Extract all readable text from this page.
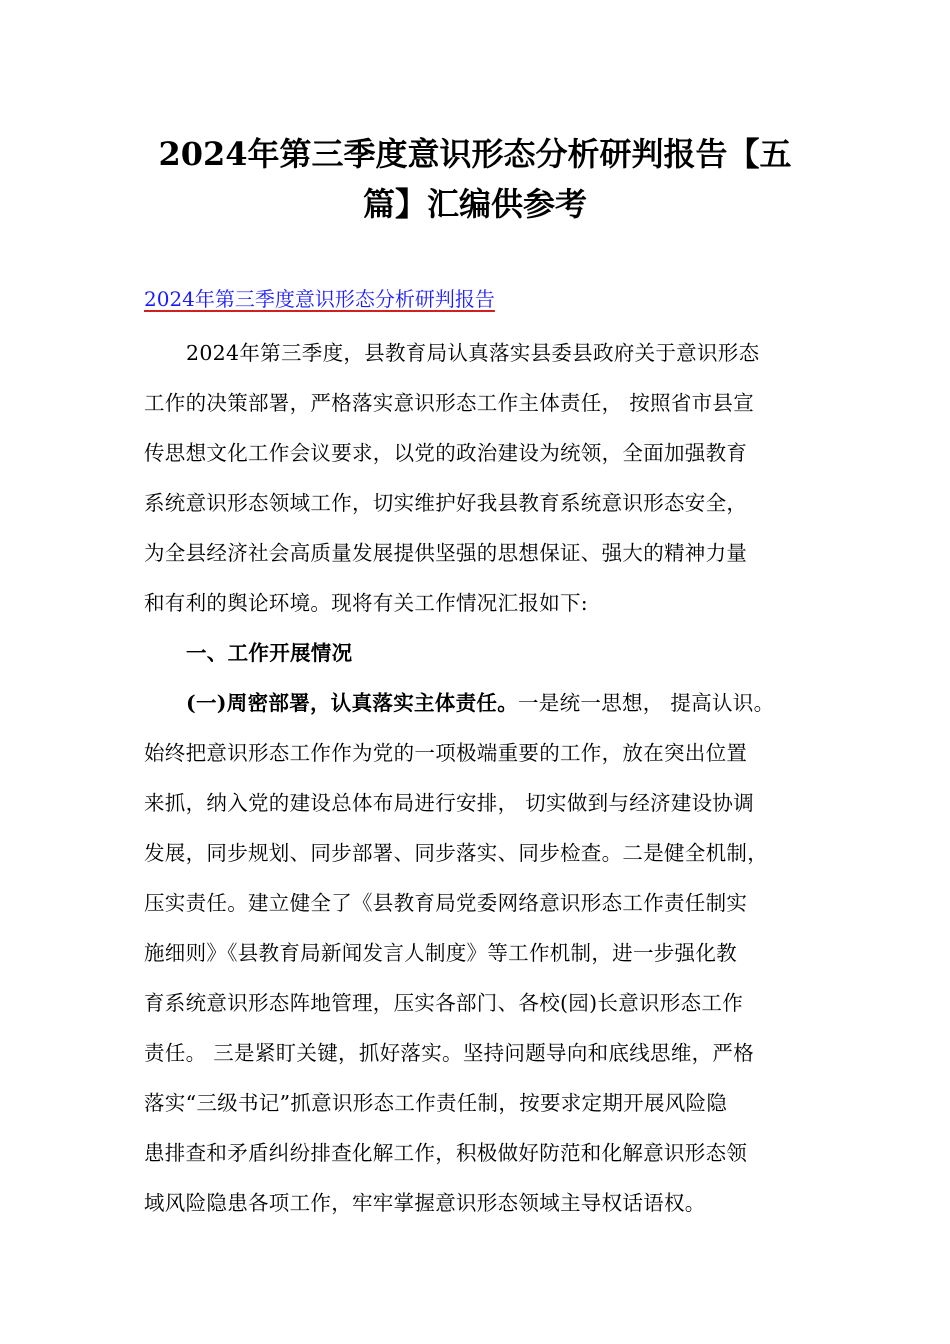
2024年第三季度意识形态分析研判报告【五
篇】汇编供参考
2024年第三季度意识形态分析研判报告
2024年第三季度，县教育局认真落实县委县政府关于意识形态
工作的决策部署，严格落实意识形态工作主体责任， 按照省市县宣
传思想文化工作会议要求，以党的政治建设为统领，全面加强教育
系统意识形态领域工作，切实维护好我县教育系统意识形态安全，
为全县经济社会高质量发展提供坚强的思想保证、强大的精神力量
和有利的舆论环境。现将有关工作情况汇报如下:
一、工作开展情况
(一)周密部署，认真落实主体责任。一是统一思想， 提高认识。
始终把意识形态工作作为党的一项极端重要的工作，放在突出位置
来抓，纳入党的建设总体布局进行安排， 切实做到与经济建设协调
发展，同步规划、同步部署、同步落实、同步检查。二是健全机制，
压实责任。建立健全了《县教育局党委网络意识形态工作责任制实
施细则》《县教育局新闻发言人制度》等工作机制，进一步强化教
育系统意识形态阵地管理，压实各部门、各校(园)长意识形态工作
责任。 三是紧盯关键，抓好落实。坚持问题导向和底线思维，严格
落实“三级书记”抓意识形态工作责任制，按要求定期开展风险隐
患排查和矛盾纠纷排查化解工作，积极做好防范和化解意识形态领
域风险隐患各项工作，牢牢掌握意识形态领域主导权话语权。
